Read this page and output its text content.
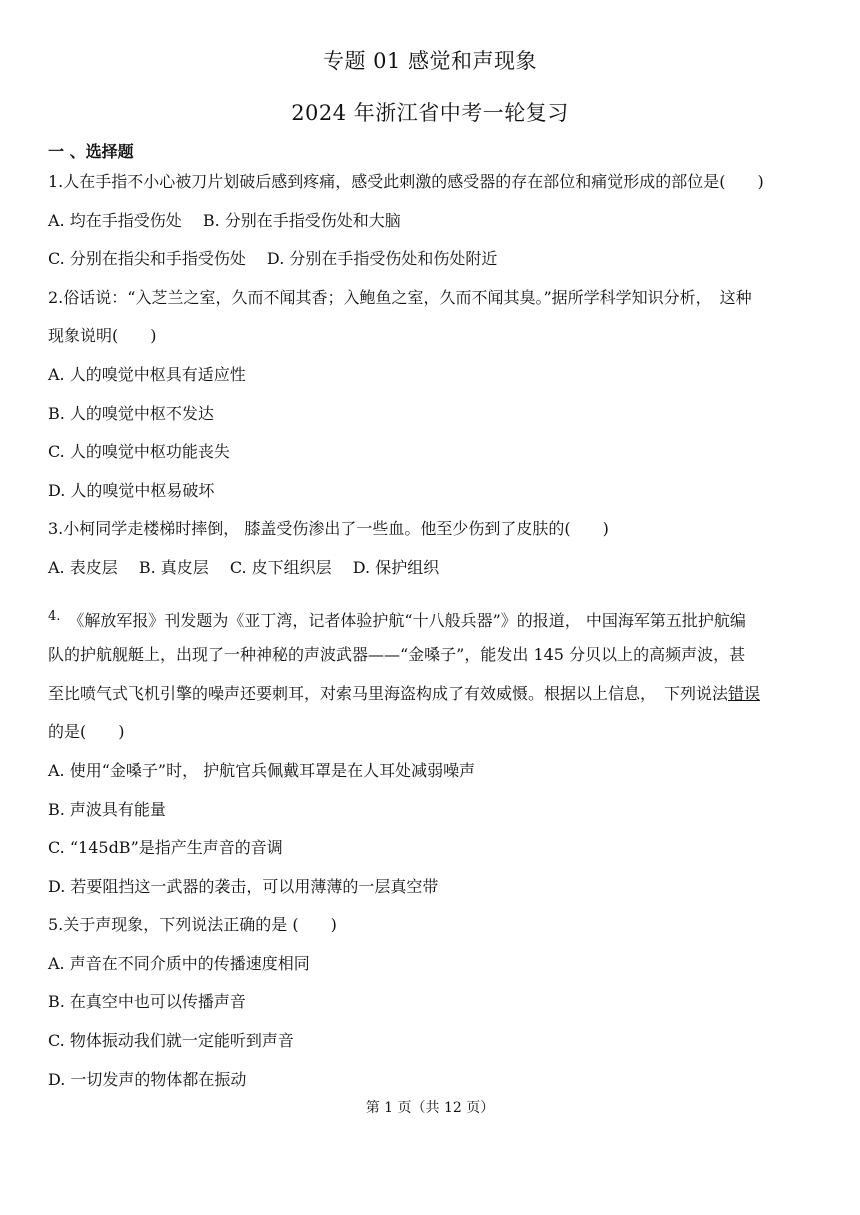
专题 01 感觉和声现象
2024 年浙江省中考一轮复习
一 、选择题
1.人在手指不小心被刀片划破后感到疼痛，感受此刺激的感受器的存在部位和痛觉形成的部位是(　　)
A. 均在手指受伤处　 B. 分别在手指受伤处和大脑
C. 分别在指尖和手指受伤处　 D. 分别在手指受伤处和伤处附近
2.俗话说：“入芝兰之室，久而不闻其香；入鲍鱼之室，久而不闻其臭。”据所学科学知识分析，　这种
现象说明(　　)
A. 人的嗅觉中枢具有适应性
B. 人的嗅觉中枢不发达
C. 人的嗅觉中枢功能丧失
D. 人的嗅觉中枢易破坏
3.小柯同学走楼梯时摔倒， 膝盖受伤渗出了一些血。他至少伤到了皮肤的(　　)
A. 表皮层　 B. 真皮层　 C. 皮下组织层　 D. 保护组织
$^{4.}$ 《解放军报》刊发题为《亚丁湾，记者体验护航“十八般兵器”》的报道， 中国海军第五批护航编
队的护航舰艇上，出现了一种神秘的声波武器——“金嗓子”，能发出 145 分贝以上的高频声波，甚
至比喷气式飞机引擎的噪声还要刺耳，对索马里海盗构成了有效威慑。根据以上信息，　下列说法错误
的是(　　)
A. 使用“金嗓子”时， 护航官兵佩戴耳罩是在人耳处减弱噪声
B. 声波具有能量
C. “145dB”是指产生声音的音调
D. 若要阻挡这一武器的袭击，可以用薄薄的一层真空带
5.关于声现象，下列说法正确的是 (　　)
A. 声音在不同介质中的传播速度相同
B. 在真空中也可以传播声音
C. 物体振动我们就一定能听到声音
D. 一切发声的物体都在振动
第 1 页（共 12 页）
